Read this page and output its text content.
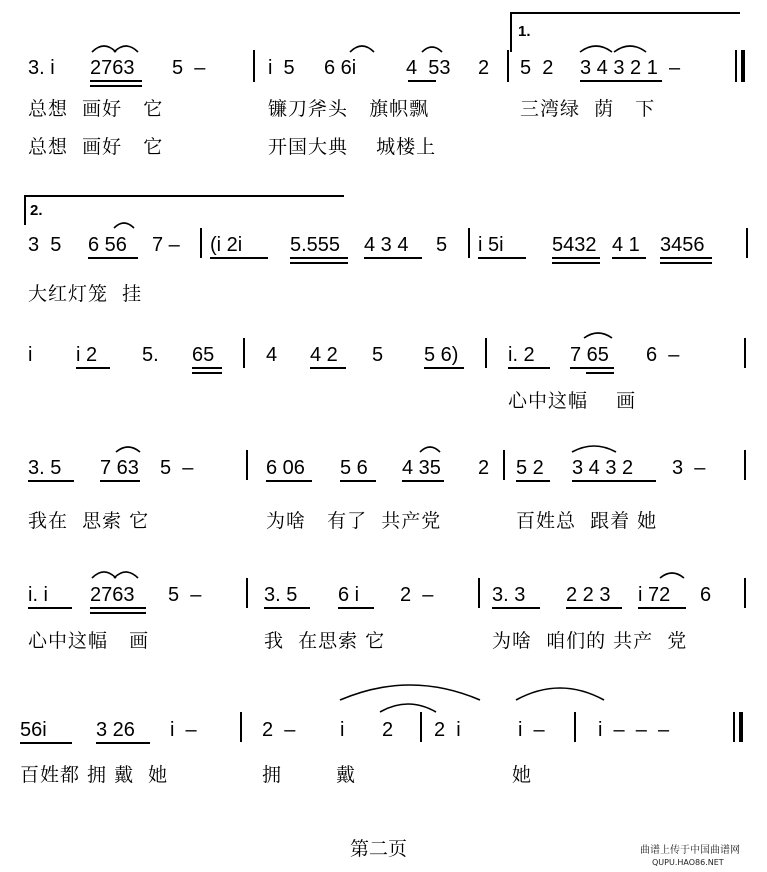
1.
3. i 2763 5  –	i  5 6 6i 4  53 2 5  2 3 4 3 2 1  –
总想  画好   它	镰刀斧头   旗帜飘	三湾绿  荫   下
总想  画好   它	开国大典    城楼上
2.
3  5 6 56 7 – (i 2i 5.555 4 3 4 5 i 5i 5432 4 1 3456
大红灯笼  挂
i i 2 5. 65	4 4 2 5 5 6) i. 2 7 65 6  –
心中这幅    画
3. 5 7 63 5  –	6 06 5 6 4 35 2 5 2 3 4 3 2 3  –
我在  思索 它	为啥   有了  共产党	百姓总  跟着 她
i. i 2763 5  –	3. 5 6 i 2  –	3. 3 2 2 3 i 72 6
心中这幅   画	我  在思索 它	为啥  咱们的 共产  党
56i 3 26 i  –	2  – i 2 2  i	i  –	i  –  –  –
百姓都 拥 戴  她	拥	戴	她
第二页	曲谱上传于中国曲谱网
QUPU.HAO86.NET
